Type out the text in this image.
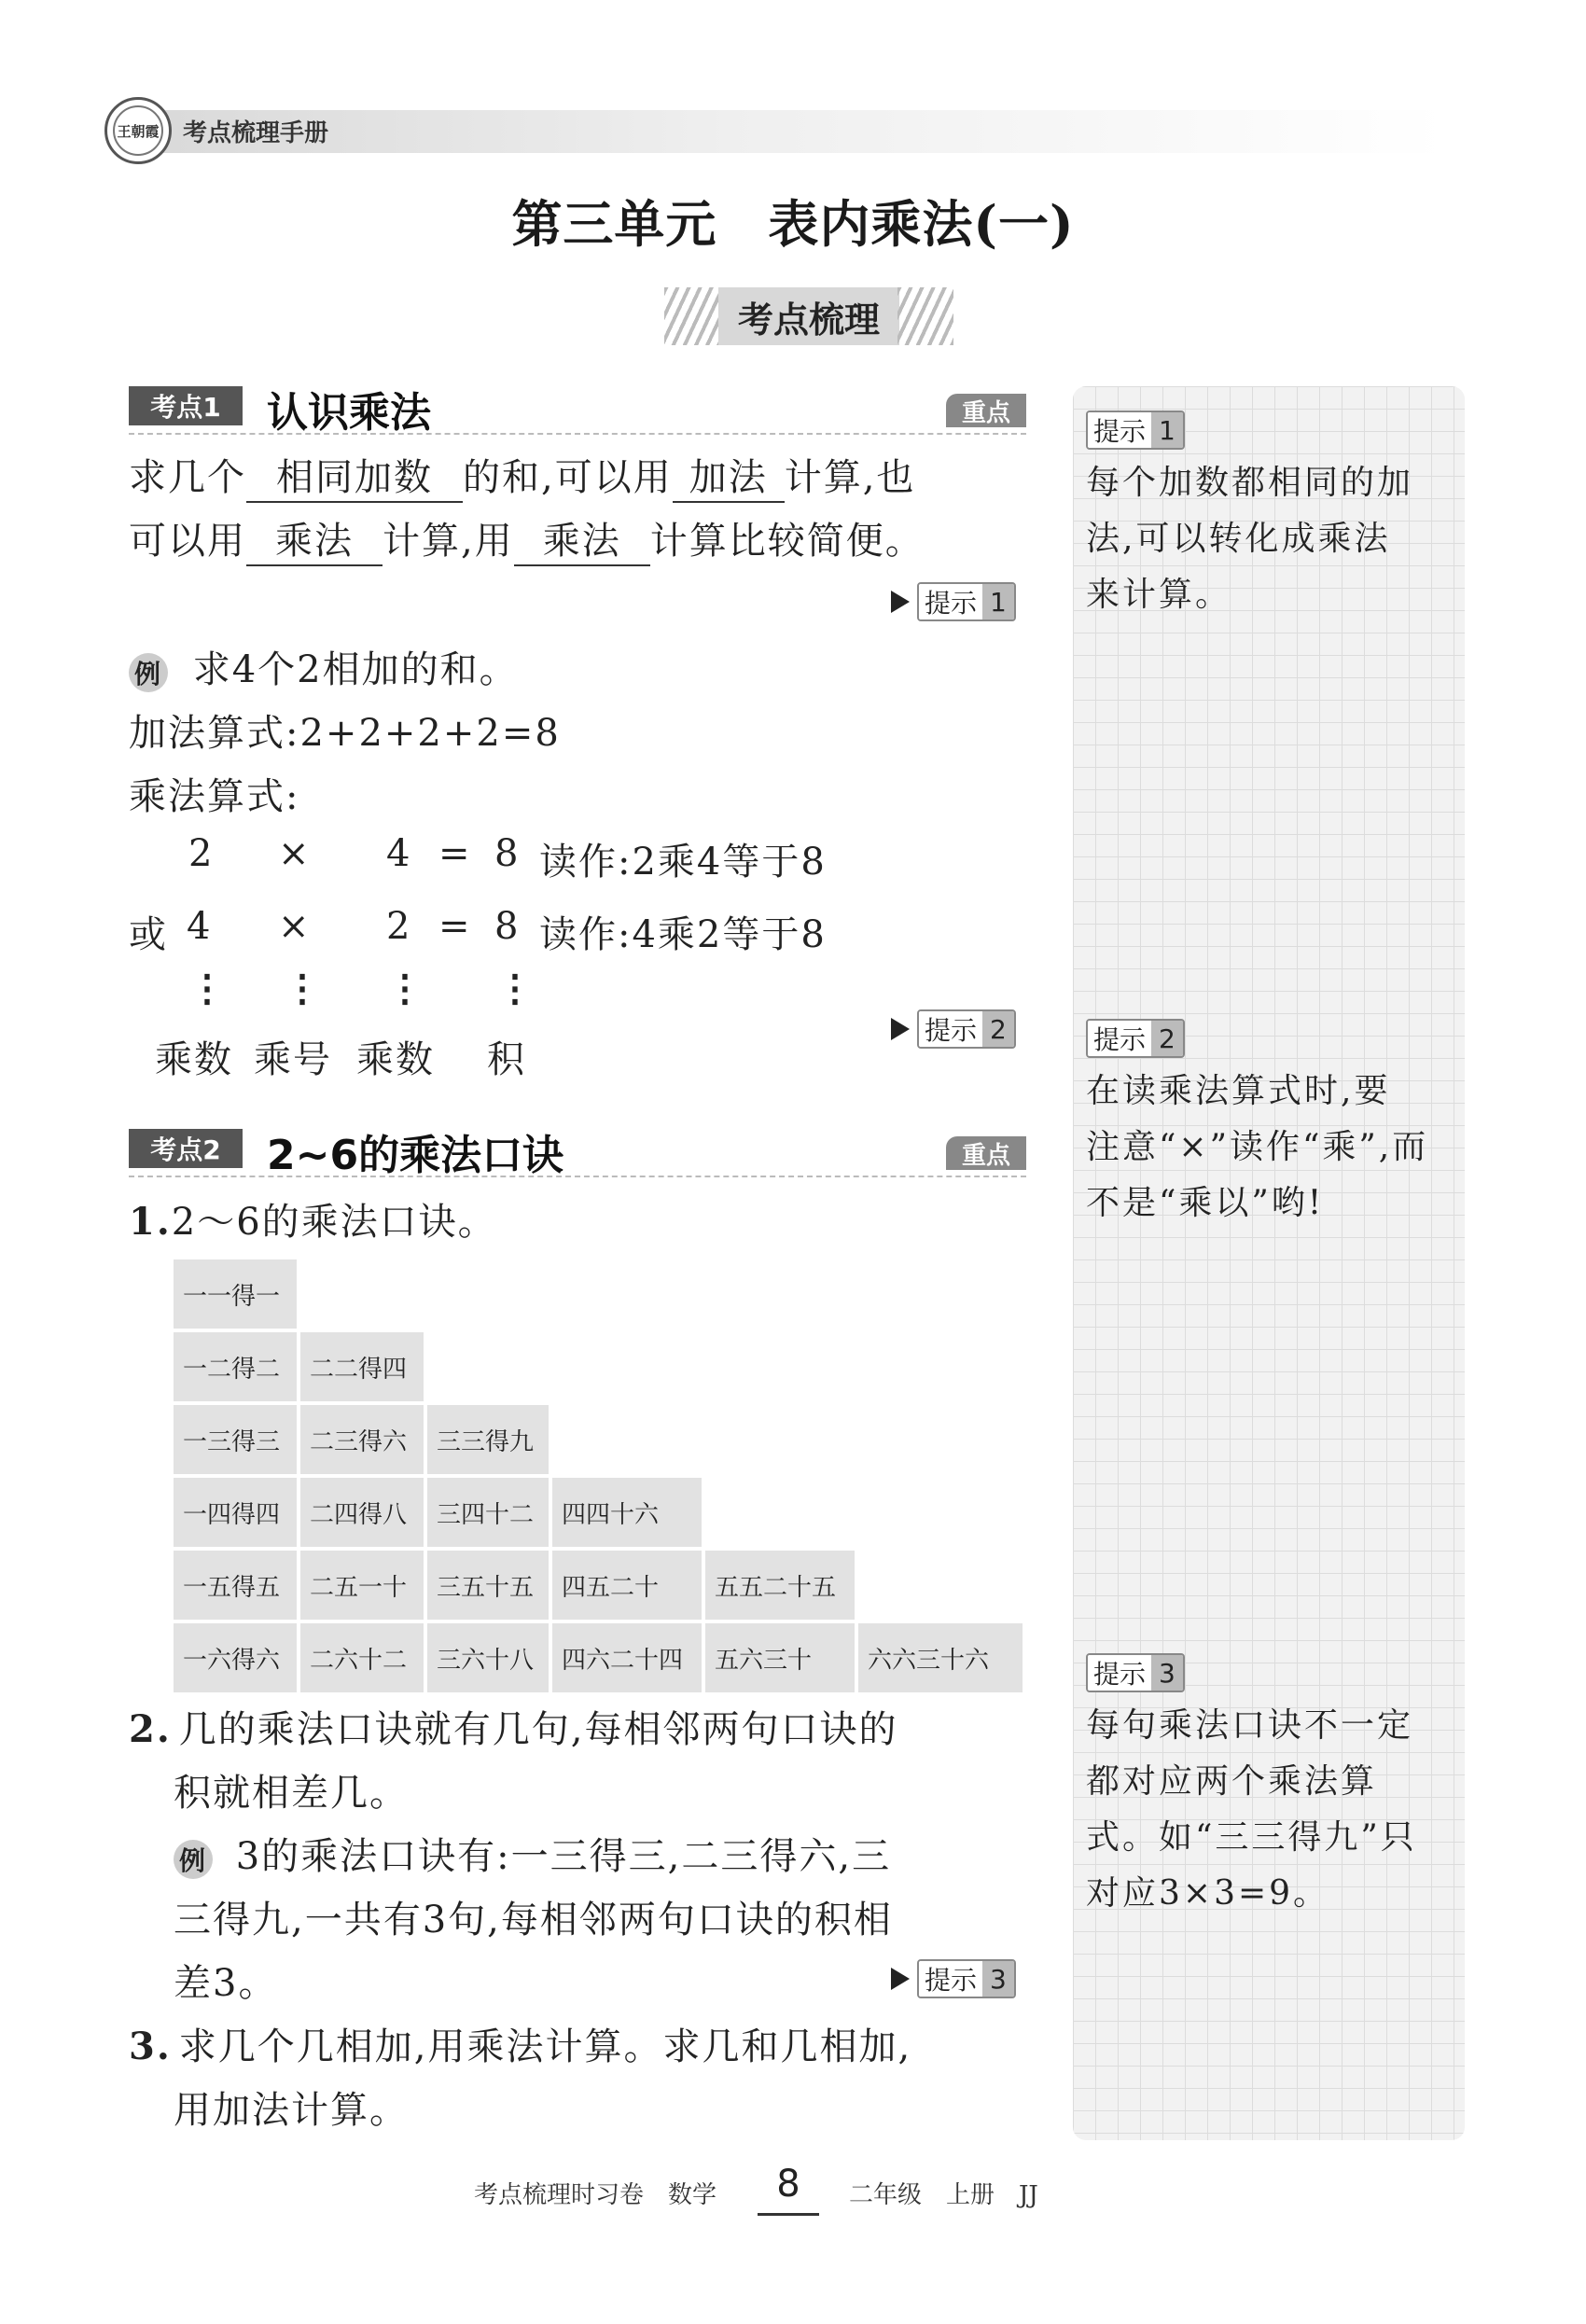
王朝霞 考点梳理手册
第三单元　表内乘法(一)
考点梳理
考点1	认识乘法	重点
求几个 相同加数 的和,可以用 加法 计算,也
可以用 乘法 计算,用 乘法 计算比较简便。
提示 1
例 求4个2相加的和。
加法算式:2+2+2+2=8
乘法算式:
2 × 4 = 8 读作:2乘4等于8
或 4 × 2 = 8 读作:4乘2等于8
⋮ ⋮ ⋮ ⋮
乘数 乘号 乘数 积
提示 2
考点2	2~6的乘法口诀	重点
1.2～6的乘法口诀。
一一得一
一二得二	二二得四
一三得三	二三得六	三三得九
一四得四	二四得八	三四十二	四四十六
一五得五	二五一十	三五十五	四五二十	五五二十五
一六得六	二六十二	三六十八	四六二十四	五六三十	六六三十六
2. 几的乘法口诀就有几句,每相邻两句口诀的
积就相差几。
例 3的乘法口诀有:一三得三,二三得六,三
三得九,一共有3句,每相邻两句口诀的积相
差3。	提示 3
3. 求几个几相加,用乘法计算。求几和几相加,
用加法计算。
提示 1
每个加数都相同的加
法,可以转化成乘法
来计算。
提示 2
在读乘法算式时,要
注意“×”读作“乘”,而
不是“乘以”哟!
提示 3
每句乘法口诀不一定
都对应两个乘法算
式。如“三三得九”只
对应3×3=9。
考点梳理时习卷　数学	8	二年级　上册　JJ
